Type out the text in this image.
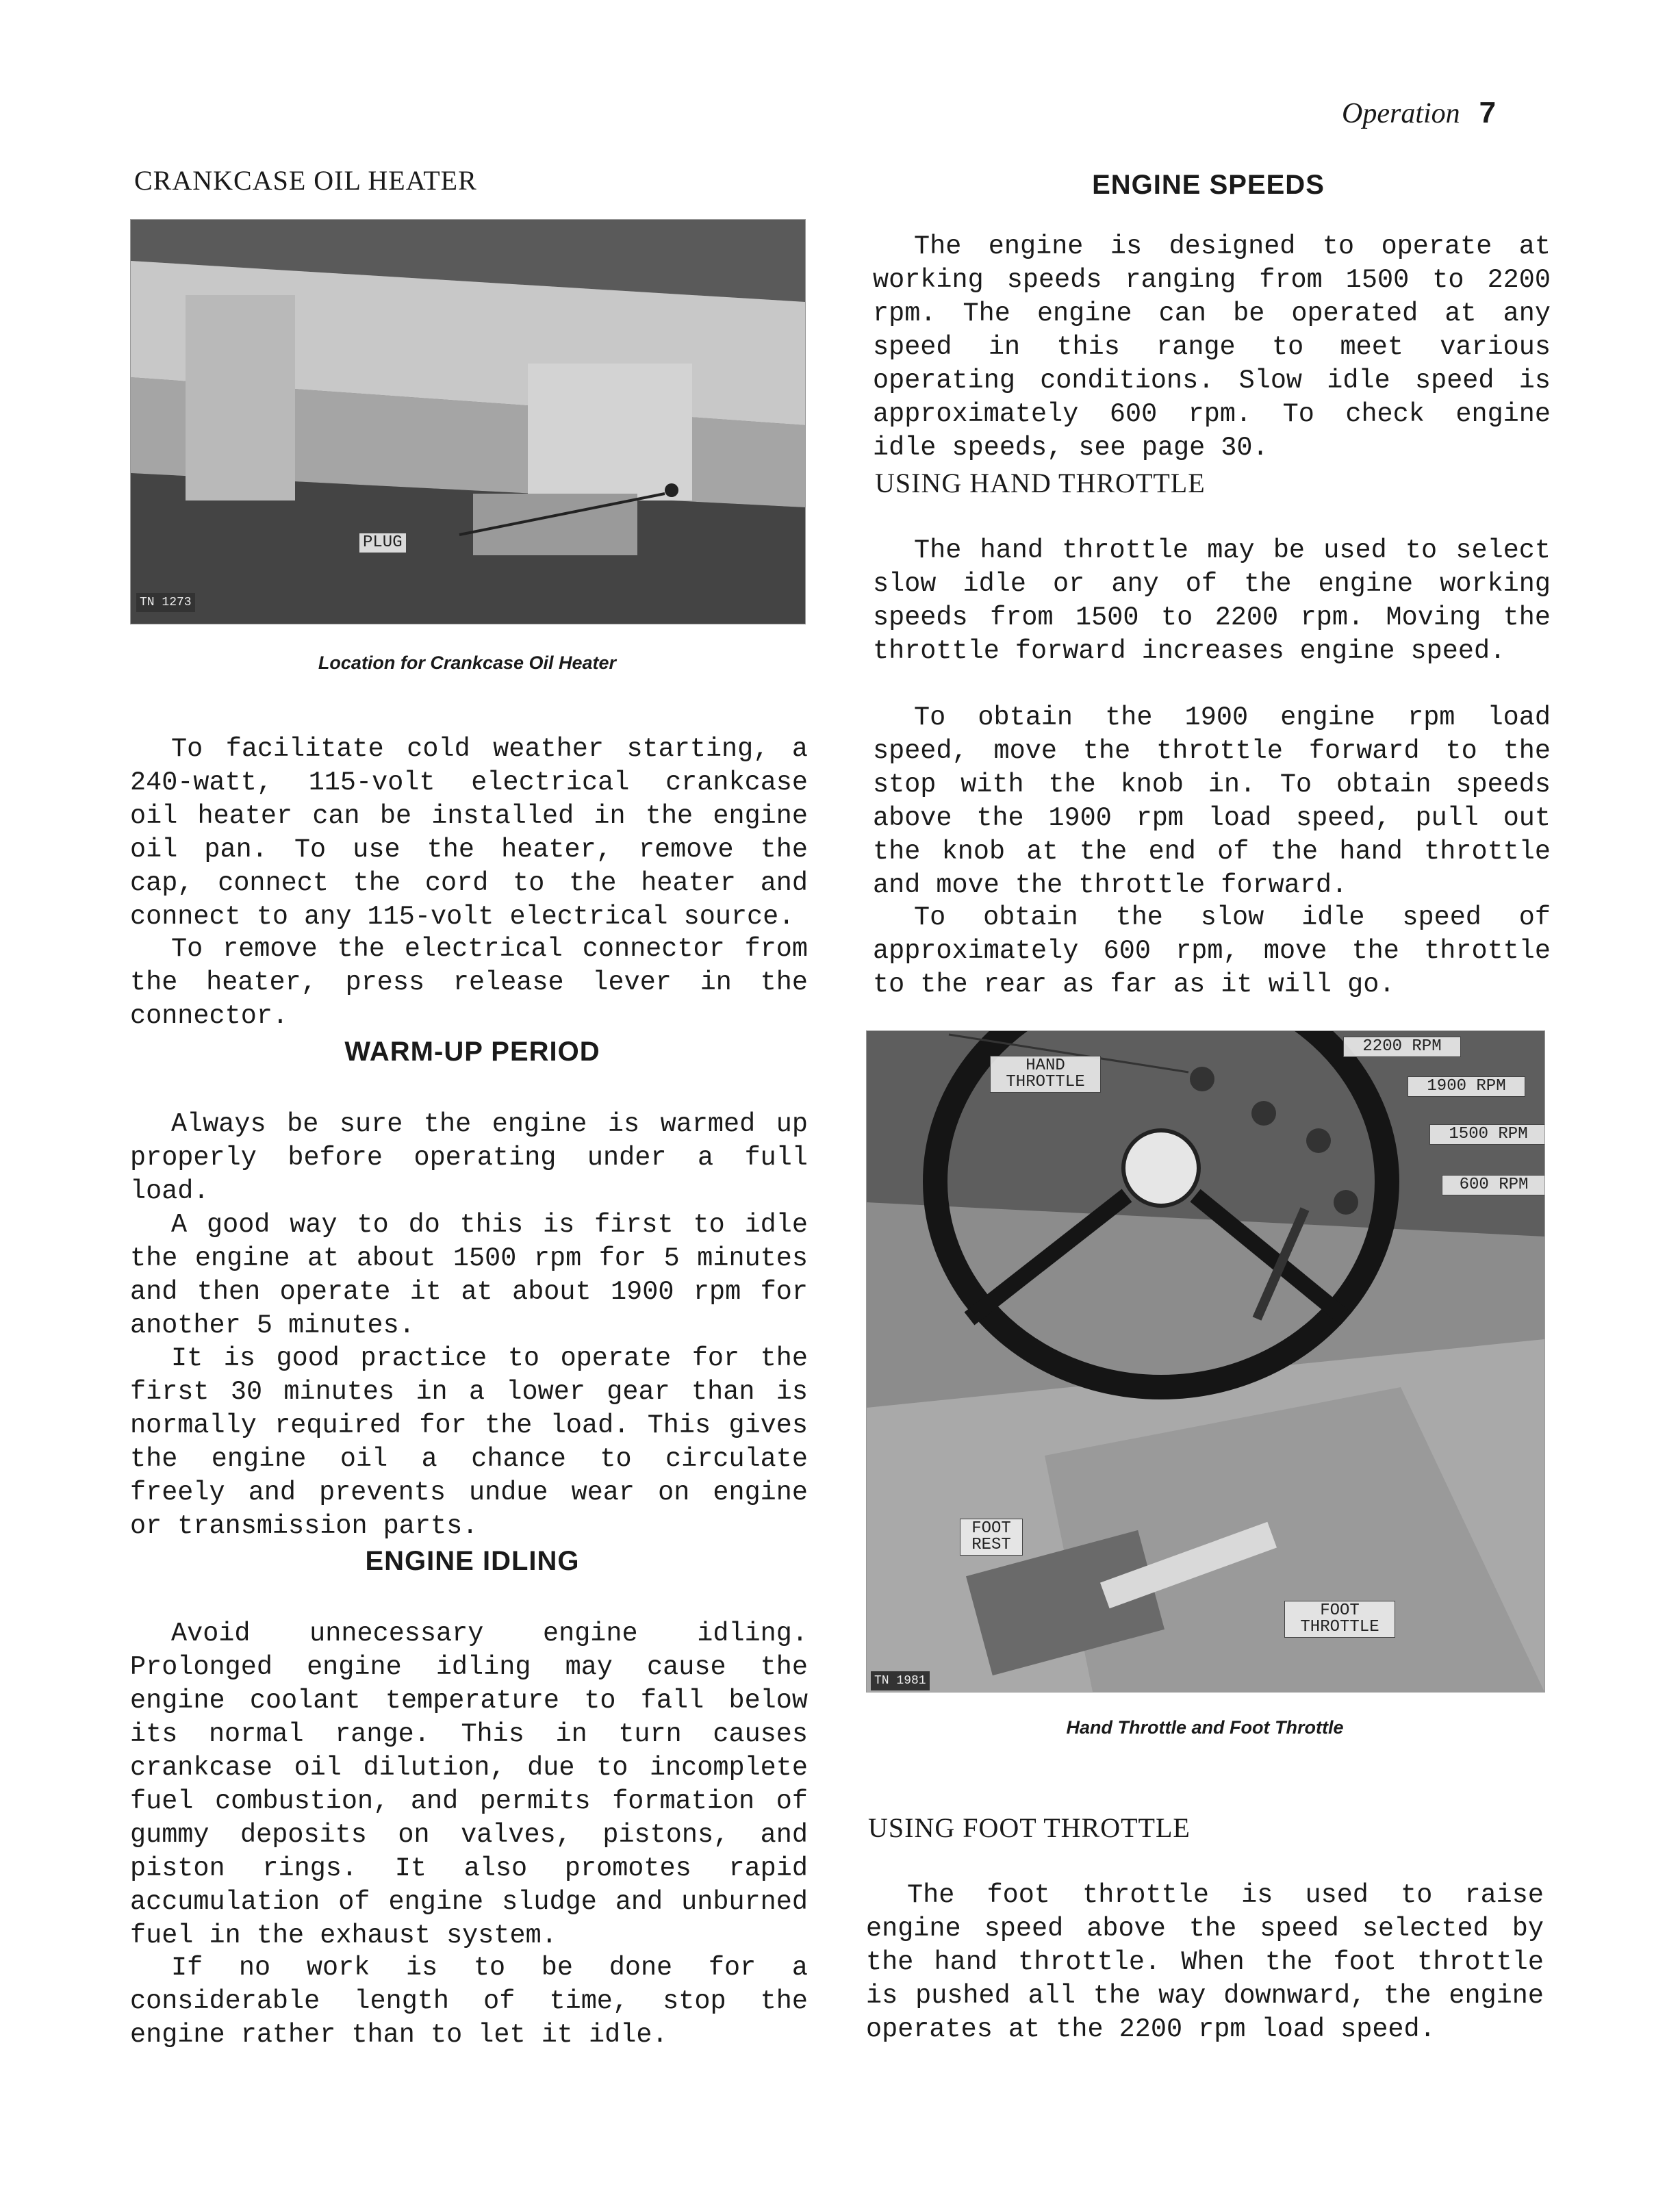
Operation 7
CRANKCASE OIL HEATER
PLUG
TN 1273
Location for Crankcase Oil Heater
To facilitate cold weather starting, a 240-watt, 115-volt electrical crankcase oil heater can be installed in the engine oil pan. To use the heater, remove the cap, connect the cord to the heater and connect to any 115-volt electrical source.
To remove the electrical connector from the heater, press release lever in the connector.
WARM-UP PERIOD
Always be sure the engine is warmed up properly before operating under a full load.
A good way to do this is first to idle the engine at about 1500 rpm for 5 minutes and then operate it at about 1900 rpm for another 5 minutes.
It is good practice to operate for the first 30 minutes in a lower gear than is normally required for the load. This gives the engine oil a chance to circulate freely and prevents undue wear on engine or transmission parts.
ENGINE IDLING
Avoid unnecessary engine idling. Prolonged engine idling may cause the engine coolant temperature to fall below its normal range. This in turn causes crankcase oil dilution, due to incomplete fuel combustion, and permits formation of gummy deposits on valves, pistons, and piston rings. It also promotes rapid accumulation of engine sludge and unburned fuel in the exhaust system.
If no work is to be done for a considerable length of time, stop the engine rather than to let it idle.
ENGINE SPEEDS
The engine is designed to operate at working speeds ranging from 1500 to 2200 rpm. The engine can be operated at any speed in this range to meet various operating conditions. Slow idle speed is approximately 600 rpm. To check engine idle speeds, see page 30.
USING HAND THROTTLE
The hand throttle may be used to select slow idle or any of the engine working speeds from 1500 to 2200 rpm. Moving the throttle forward increases engine speed.
To obtain the 1900 engine rpm load speed, move the throttle forward to the stop with the knob in. To obtain speeds above the 1900 rpm load speed, pull out the knob at the end of the hand throttle and move the throttle forward.
To obtain the slow idle speed of approximately 600 rpm, move the throttle to the rear as far as it will go.
HAND THROTTLE
2200 RPM
1900 RPM
1500 RPM
600 RPM
FOOT REST
FOOT THROTTLE
TN 1981
Hand Throttle and Foot Throttle
USING FOOT THROTTLE
The foot throttle is used to raise engine speed above the speed selected by the hand throttle. When the foot throttle is pushed all the way downward, the engine operates at the 2200 rpm load speed.
